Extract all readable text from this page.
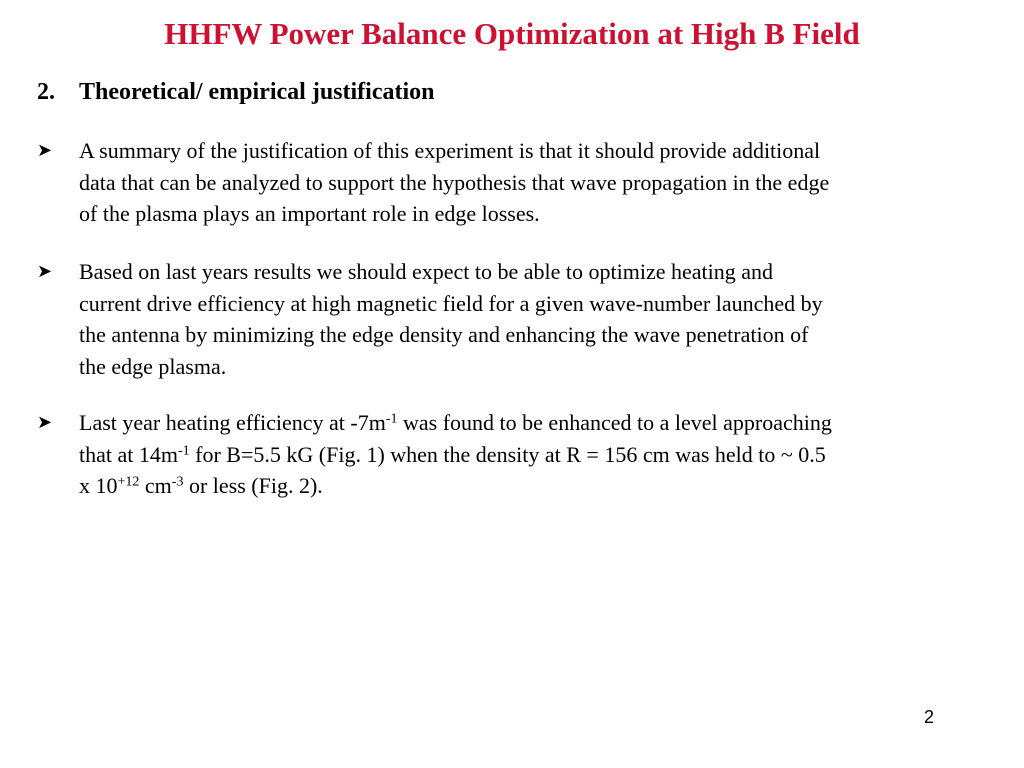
HHFW Power Balance Optimization at High B Field
2. Theoretical/ empirical justification
➤ A summary of the justification of this experiment is that it should provide additional
data that can be analyzed to support the hypothesis that wave propagation in the edge
of the plasma plays an important role in edge losses.
➤ Based on last years results we should expect to be able to optimize heating and
current drive efficiency at high magnetic field for a given wave-number launched by
the antenna by minimizing the edge density and enhancing the wave penetration of
the edge plasma.
➤ Last year heating efficiency at $-7m^{-1}$ was found to be enhanced to a level approaching
that at $14m^{-1}$ for B=5.5 kG (Fig. 1) when the density at R = 156 cm was held to ~ 0.5
x $10^{+12}$ $cm^{-3}$ or less (Fig. 2).
2
